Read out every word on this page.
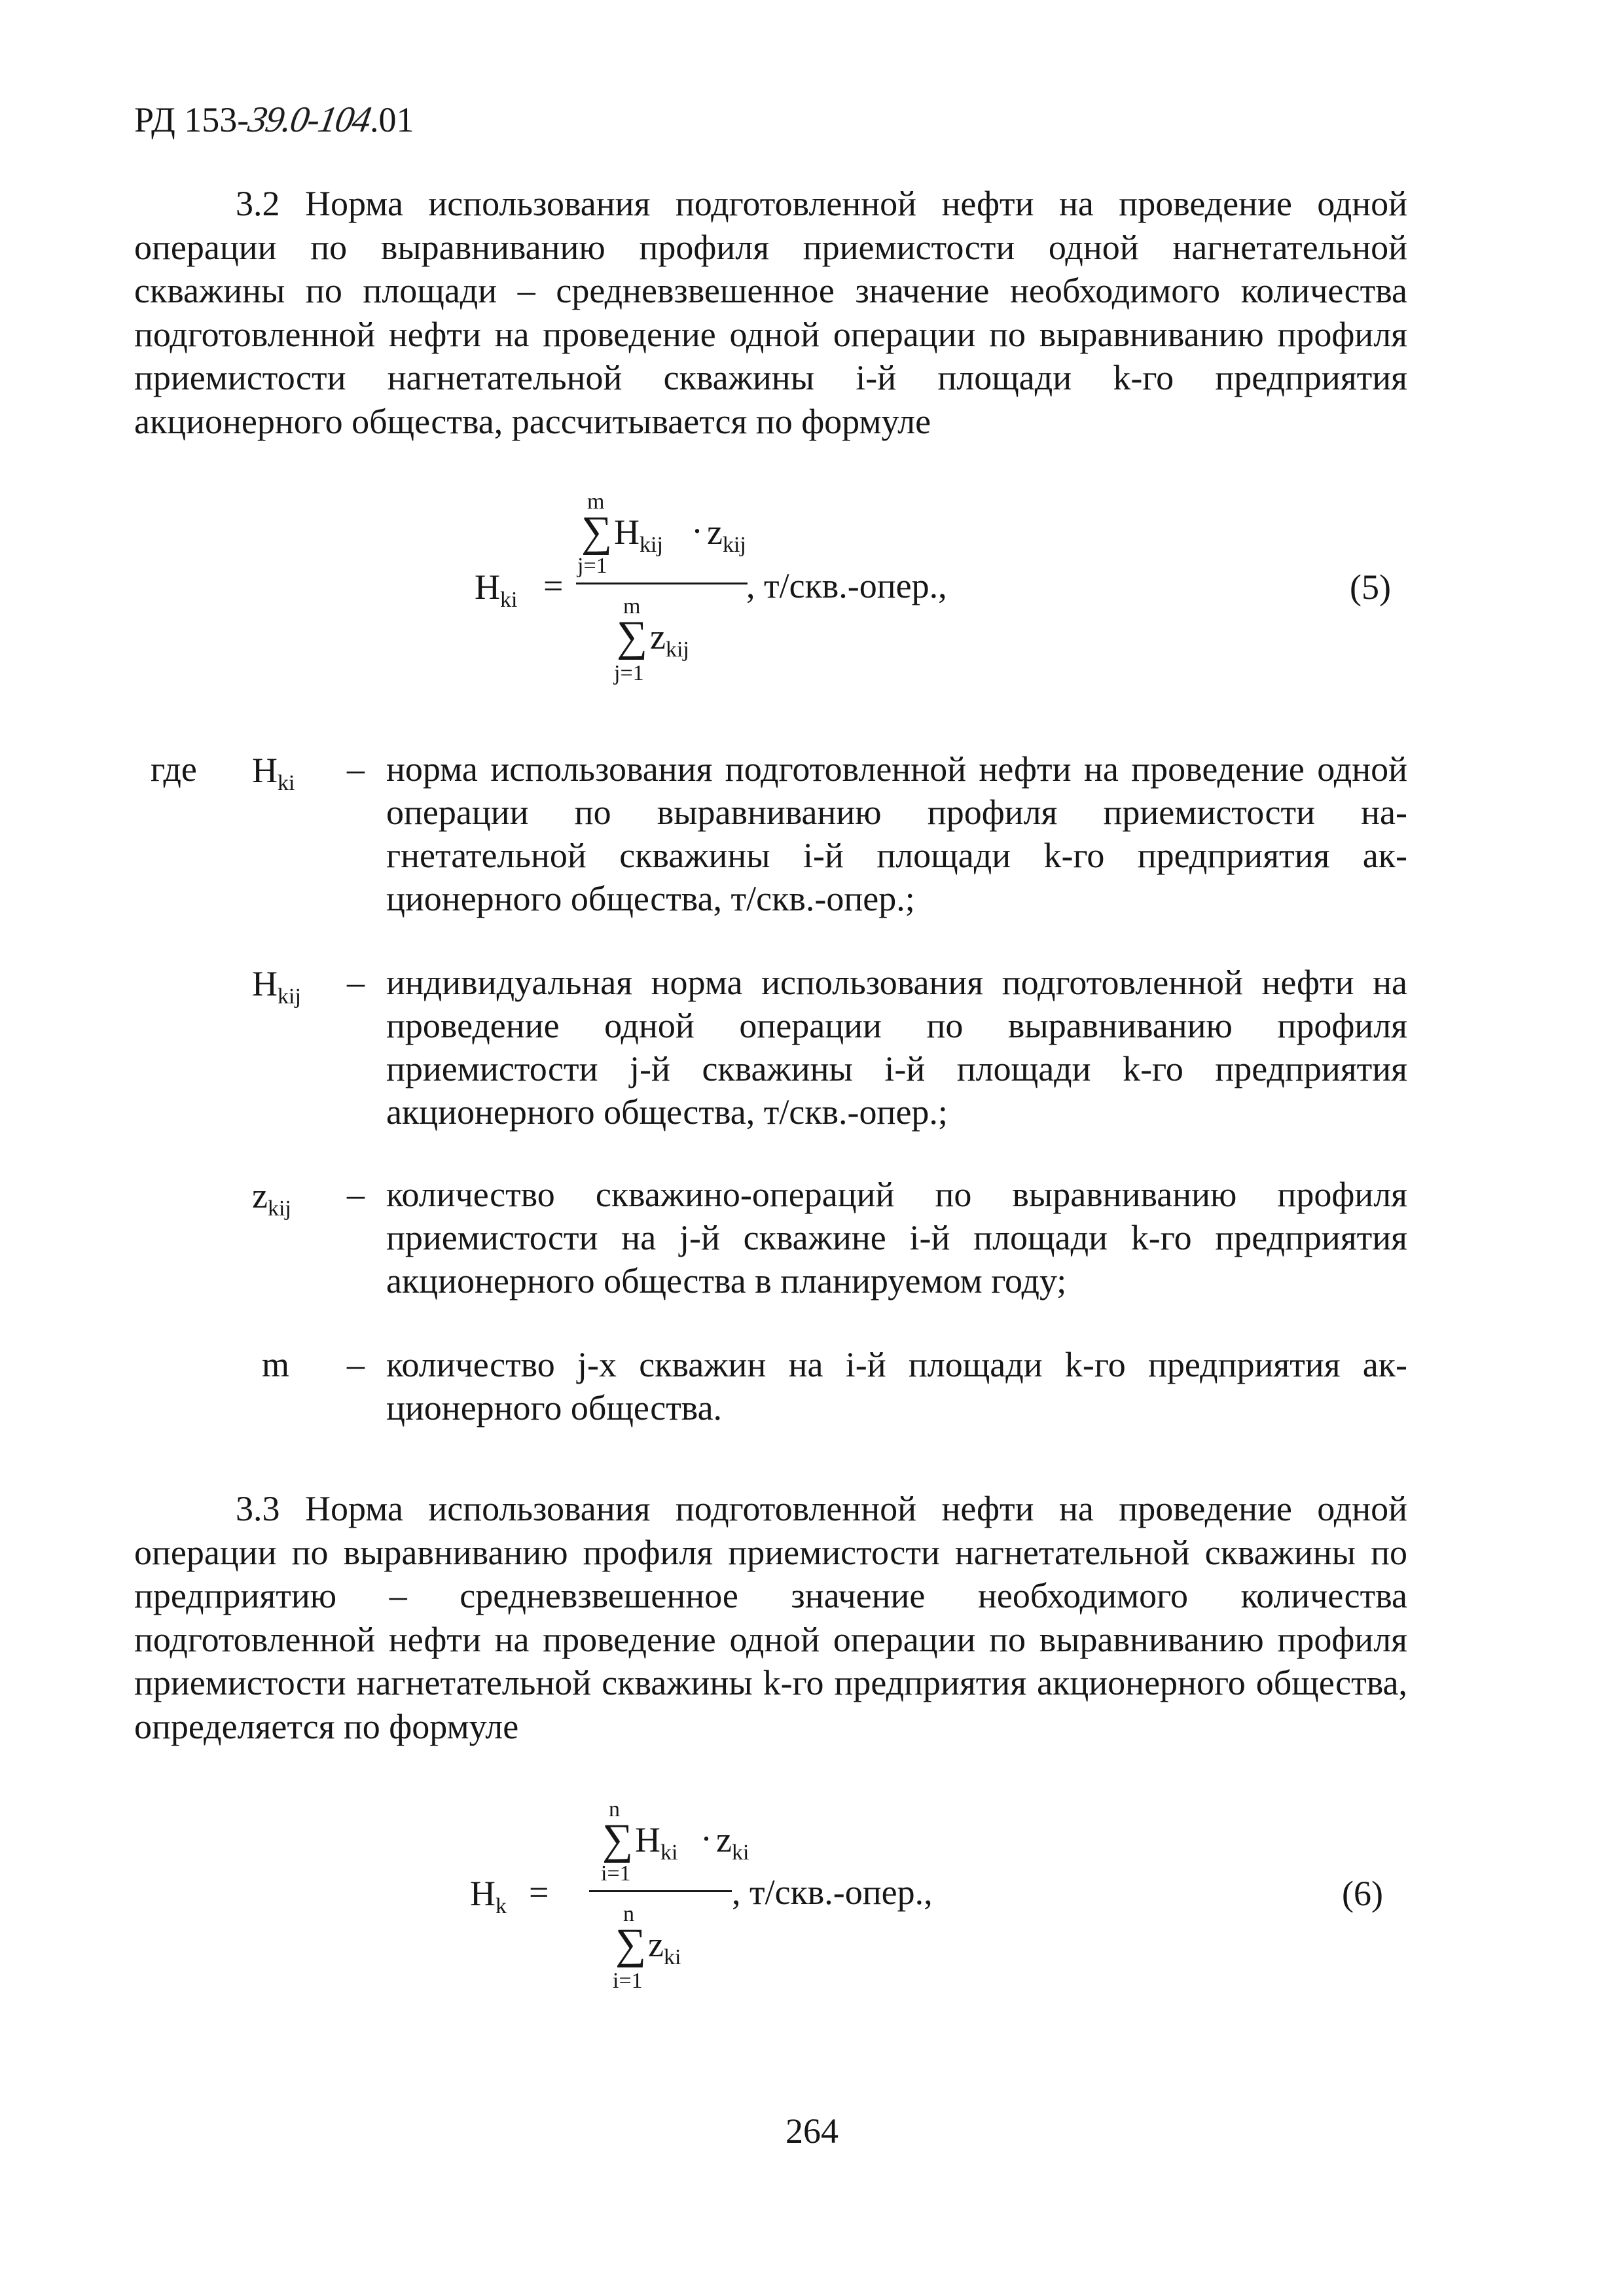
РД 153-39.0-104.01

3.2 Норма использования подготовленной нефти на проведение одной операции по выравниванию профиля приемистости одной нагнетательной скважины по площади – средневзвешенное значение необходимого количества подготовленной нефти на проведение одной операции по выравниванию профиля приемистости нагнетательной скважины i-й площади k-го предприятия акционерного общества, рассчитывается по формуле

$H_{ki}$ =
m
∑ $H_{kij} \cdot z_{kij}$
j=1
m
∑ $z_{kij}$
j=1
, т/скв.-опер.,	(5)
где $H_{ki}$ – норма использования подготовленной нефти на проведение одной операции по выравниванию профиля приемистости нагнетательной скважины i-й площади k-го предприятия акционерного общества, т/скв.-опер.;

$H_{kij}$ – индивидуальная норма использования подготовленной нефти на проведение одной операции по выравниванию профиля приемистости j-й скважины i-й площади k-го предприятия акционерного общества, т/скв.-опер.;

$z_{kij}$ – количество скважино-операций по выравниванию профиля приемистости на j-й скважине i-й площади k-го предприятия акционерного общества в планируемом году;

m – количество j-х скважин на i-й площади k-го предприятия акционерного общества.

3.3 Норма использования подготовленной нефти на проведение одной операции по выравниванию профиля приемистости нагнетательной скважины по предприятию – средневзвешенное значение необходимого количества подготовленной нефти на проведение одной операции по выравниванию профиля приемистости нагнетательной скважины k-го предприятия акционерного общества, определяется по формуле

$H_k$ =
n
∑ $H_{ki} \cdot z_{ki}$
i=1
n
∑ $z_{ki}$
i=1
, т/скв.-опер.,	(6)
264
